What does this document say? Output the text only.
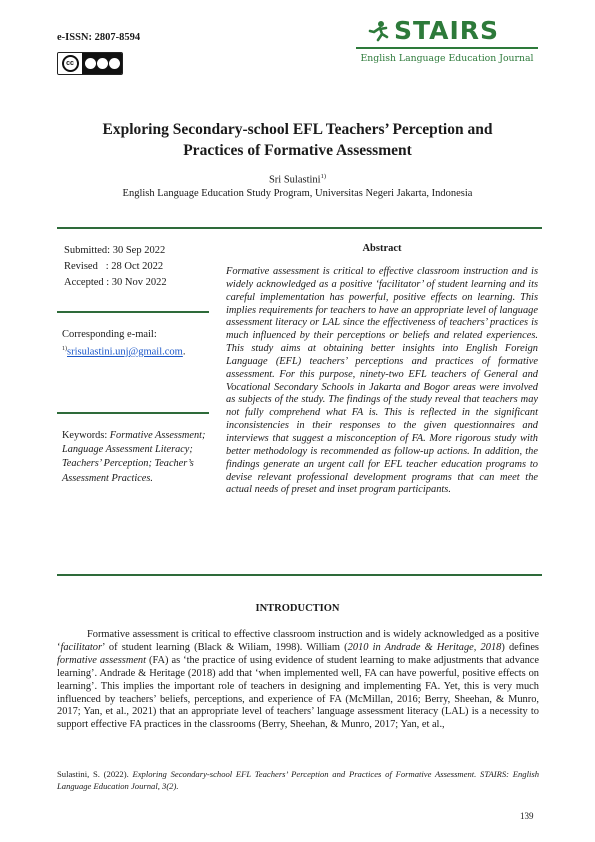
e-ISSN: 2807-8594
cc
STAIRS
English Language Education Journal
Exploring Secondary-school EFL Teachers’ Perception and
Practices of Formative Assessment
Sri Sulastini$^{1)}$
English Language Education Study Program, Universitas Negeri Jakarta, Indonesia
Submitted: 30 Sep 2022
Revised   : 28 Oct 2022
Accepted : 30 Nov 2022
Corresponding e-mail:
$^{1)}$srisulastini.unj@gmail.com.
Keywords: Formative Assessment; Language Assessment Literacy; Teachers’ Perception; Teacher’s Assessment Practices.
Abstract
Formative assessment is critical to effective classroom instruction and is widely acknowledged as a positive ‘facilitator’ of student learning and its careful implementation has powerful, positive effects on learning. This implies requirements for teachers to have an appropriate level of language assessment literacy or LAL since the effectiveness of teachers’ practices is much influenced by their perceptions or beliefs and related experiences. This study aims at obtaining better insights into English Foreign Language (EFL) teachers’ perceptions and practices of formative assessment. For this purpose, ninety-two EFL teachers of General and Vocational Secondary Schools in Jakarta and Bogor areas were involved as subjects of the study. The findings of the study reveal that teachers may not fully comprehend what FA is. This is reflected in the significant inconsistencies in their responses to the given questionnaires and interviews that suggest a misconception of FA. More rigorous study with better methodology is recommended as follow-up actions. In addition, the findings generate an urgent call for EFL teacher education programs to devise relevant professional development programs that can meet the actual needs of preset and inset program participants.
INTRODUCTION
Formative assessment is critical to effective classroom instruction and is widely acknowledged as a positive ‘facilitator’ of student learning (Black & Wiliam, 1998). William (2010 in Andrade & Heritage, 2018) defines formative assessment (FA) as ‘the practice of using evidence of student learning to make adjustments that advance learning’. Andrade & Heritage (2018) add that ‘when implemented well, FA can have powerful, positive effects on learning’. This implies the important role of teachers in designing and implementing FA. Yet, this is very much influenced by teachers’ beliefs, perceptions, and experience of FA (McMillan, 2016; Berry, Sheehan, & Munro, 2017; Yan, et al., 2021) that an appropriate level of teachers’ language assessment literacy (LAL) is a necessity to support effective FA practices in the classrooms (Berry, Sheehan, & Munro, 2017; Yan, et al.,
Sulastini, S. (2022). Exploring Secondary-school EFL Teachers’ Perception and Practices of Formative Assessment. STAIRS: English Language Education Journal, 3(2).
139
